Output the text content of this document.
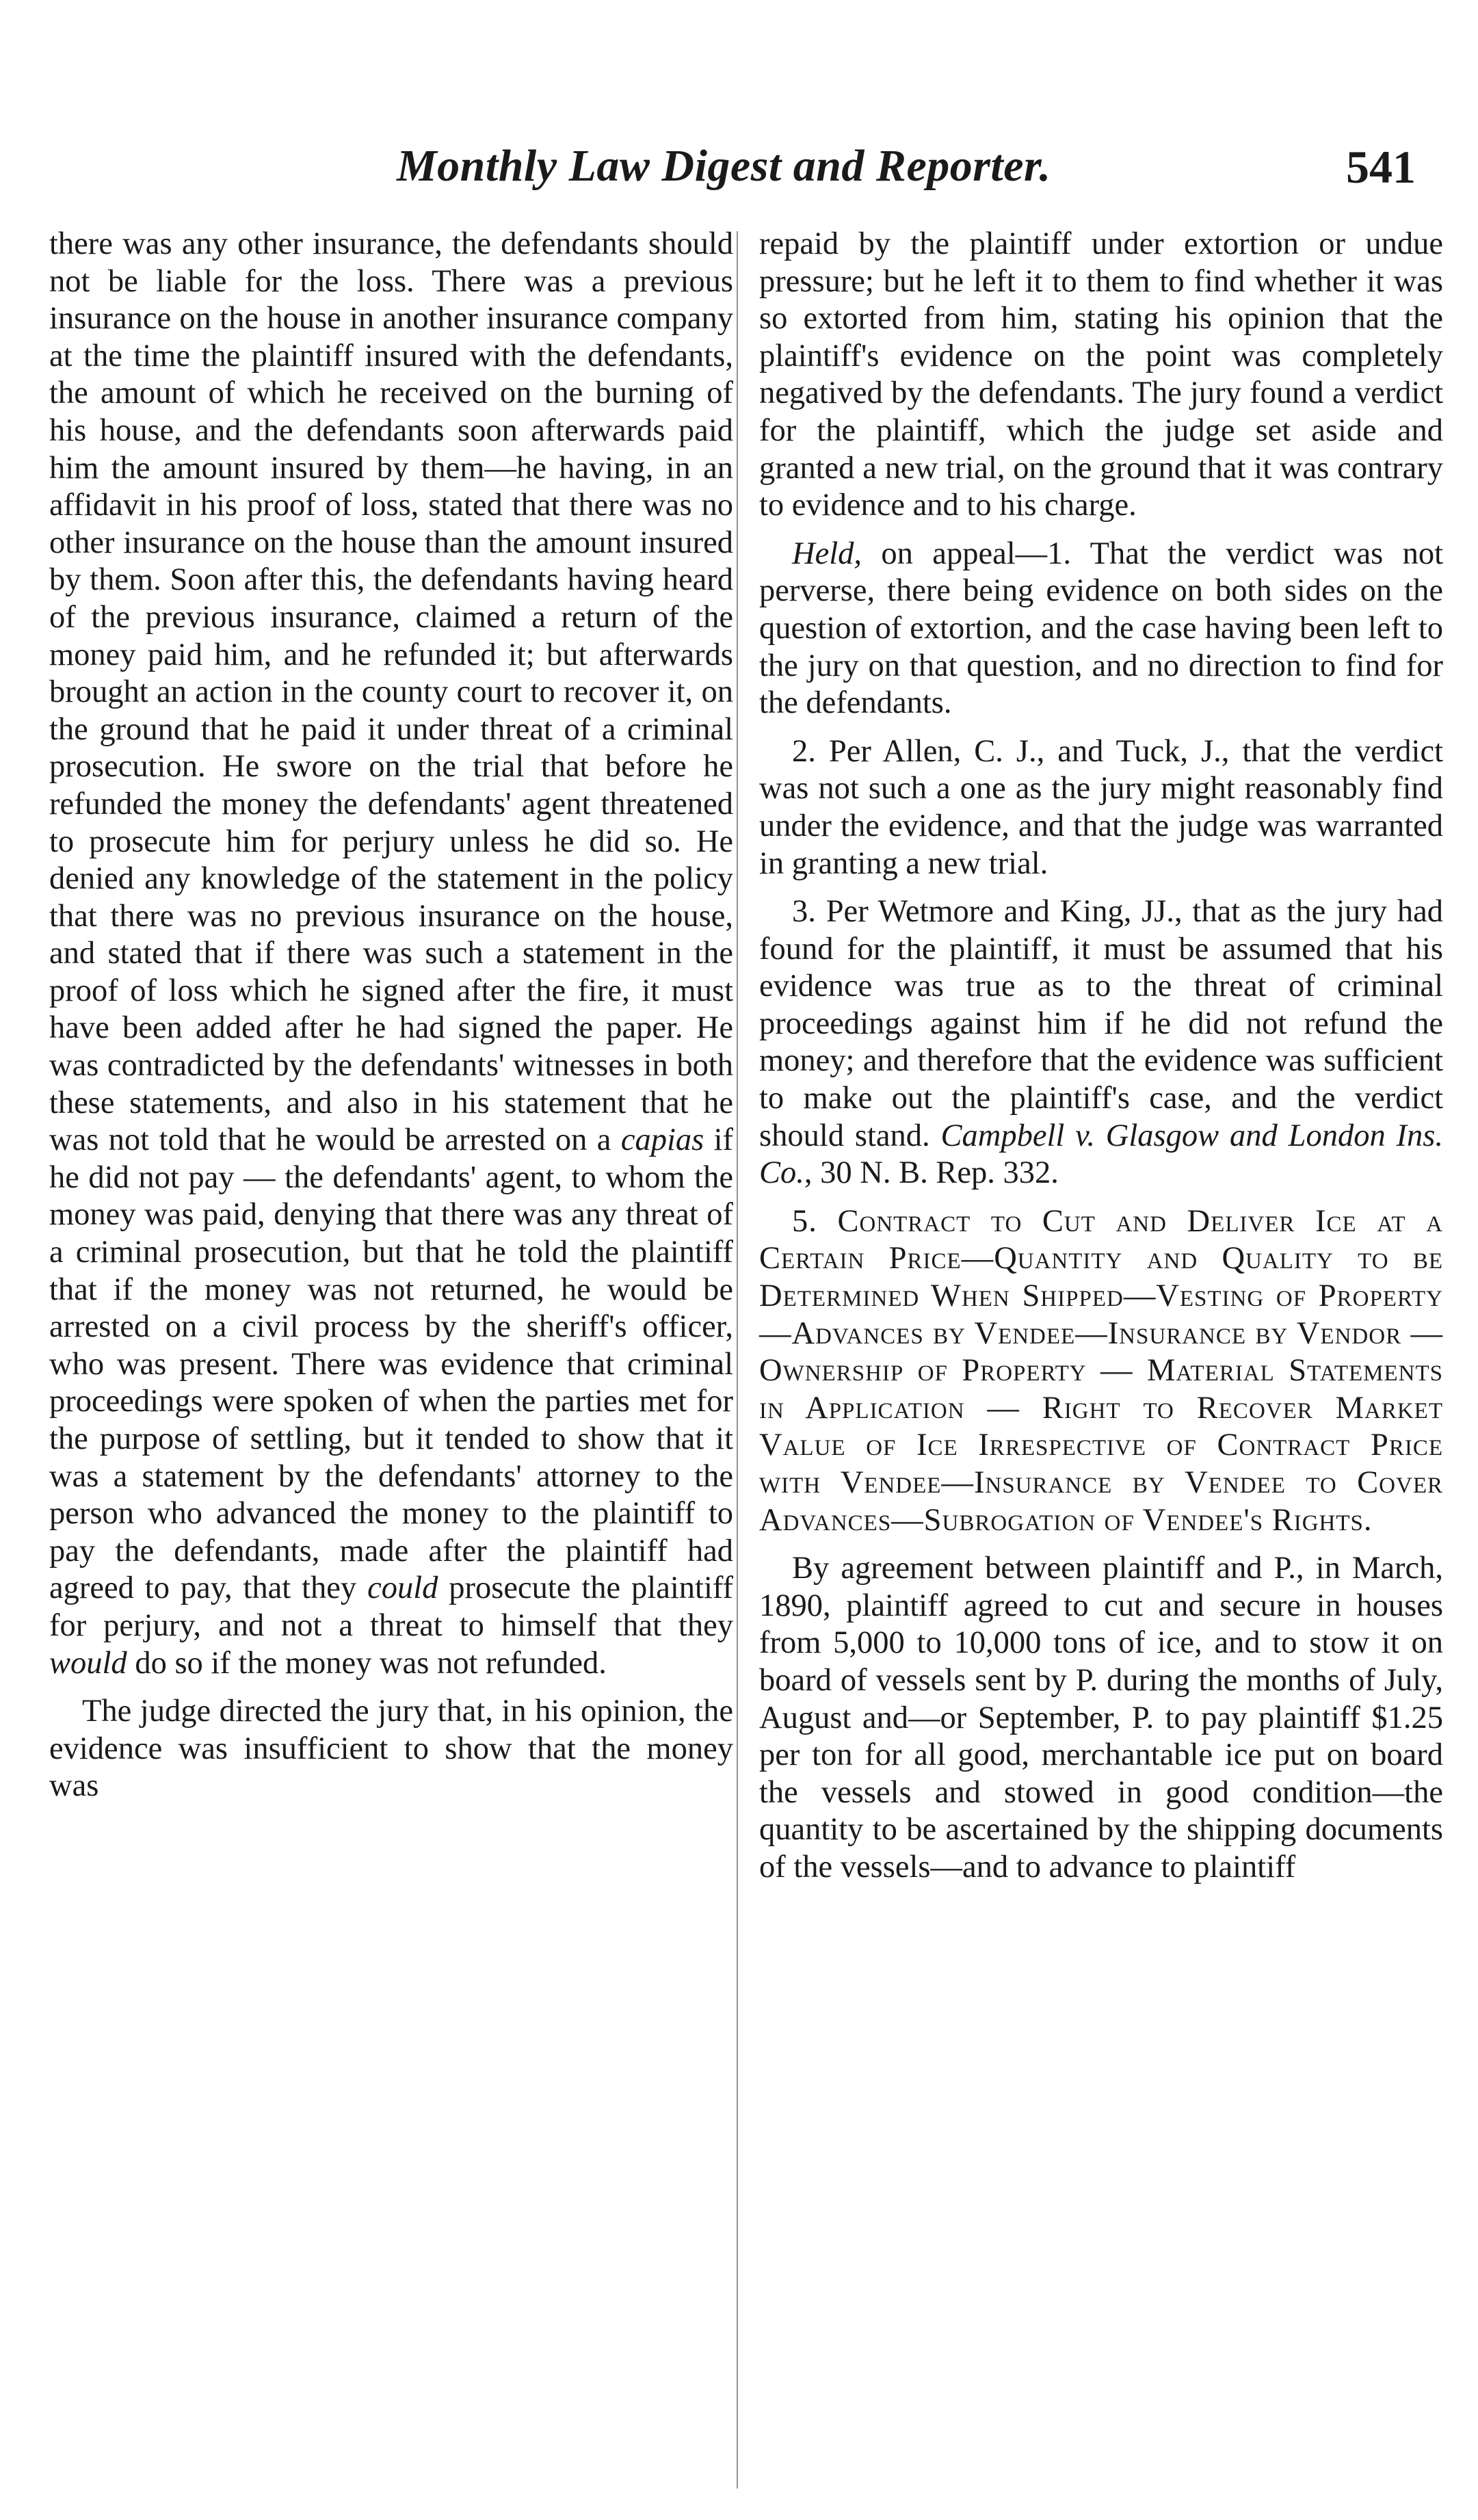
Monthly Law Digest and Reporter.	541

there was any other insurance, the defendants should not be liable for the loss. There was a previous insurance on the house in another insurance company at the time the plaintiff insured with the defendants, the amount of which he received on the burning of his house, and the defendants soon afterwards paid him the amount insured by them—he having, in an affidavit in his proof of loss, stated that there was no other insurance on the house than the amount insured by them. Soon after this, the defendants having heard of the previous insurance, claimed a return of the money paid him, and he refunded it; but afterwards brought an action in the county court to recover it, on the ground that he paid it under threat of a criminal prosecution. He swore on the trial that before he refunded the money the defendants' agent threatened to prosecute him for perjury unless he did so. He denied any knowledge of the statement in the policy that there was no previous insurance on the house, and stated that if there was such a statement in the proof of loss which he signed after the fire, it must have been added after he had signed the paper. He was contradicted by the defendants' witnesses in both these statements, and also in his statement that he was not told that he would be arrested on a capias if he did not pay — the defendants' agent, to whom the money was paid, denying that there was any threat of a criminal prosecution, but that he told the plaintiff that if the money was not returned, he would be arrested on a civil process by the sheriff's officer, who was present. There was evidence that criminal proceedings were spoken of when the parties met for the purpose of settling, but it tended to show that it was a statement by the defendants' attorney to the person who advanced the money to the plaintiff to pay the defendants, made after the plaintiff had agreed to pay, that they could prosecute the plaintiff for perjury, and not a threat to himself that they would do so if the money was not refunded.

The judge directed the jury that, in his opinion, the evidence was insufficient to show that the money was

repaid by the plaintiff under extortion or undue pressure; but he left it to them to find whether it was so extorted from him, stating his opinion that the plaintiff's evidence on the point was completely negatived by the defendants. The jury found a verdict for the plaintiff, which the judge set aside and granted a new trial, on the ground that it was contrary to evidence and to his charge.

Held, on appeal—1. That the verdict was not perverse, there being evidence on both sides on the question of extortion, and the case having been left to the jury on that question, and no direction to find for the defendants.

2. Per Allen, C. J., and Tuck, J., that the verdict was not such a one as the jury might reasonably find under the evidence, and that the judge was warranted in granting a new trial.

3. Per Wetmore and King, JJ., that as the jury had found for the plaintiff, it must be assumed that his evidence was true as to the threat of criminal proceedings against him if he did not refund the money; and therefore that the evidence was sufficient to make out the plaintiff's case, and the verdict should stand. Campbell v. Glasgow and London Ins. Co., 30 N. B. Rep. 332.

5. Contract to Cut and Deliver Ice at a Certain Price—Quantity and Quality to be Determined When Shipped—Vesting of Property—Advances by Vendee—Insurance by Vendor — Ownership of Property — Material Statements in Application — Right to Recover Market Value of Ice Irrespective of Contract Price with Vendee—Insurance by Vendee to Cover Advances—Subrogation of Vendee's Rights.

By agreement between plaintiff and P., in March, 1890, plaintiff agreed to cut and secure in houses from 5,000 to 10,000 tons of ice, and to stow it on board of vessels sent by P. during the months of July, August and—or September, P. to pay plaintiff $1.25 per ton for all good, merchantable ice put on board the vessels and stowed in good condition—the quantity to be ascertained by the shipping documents of the vessels—and to advance to plaintiff
